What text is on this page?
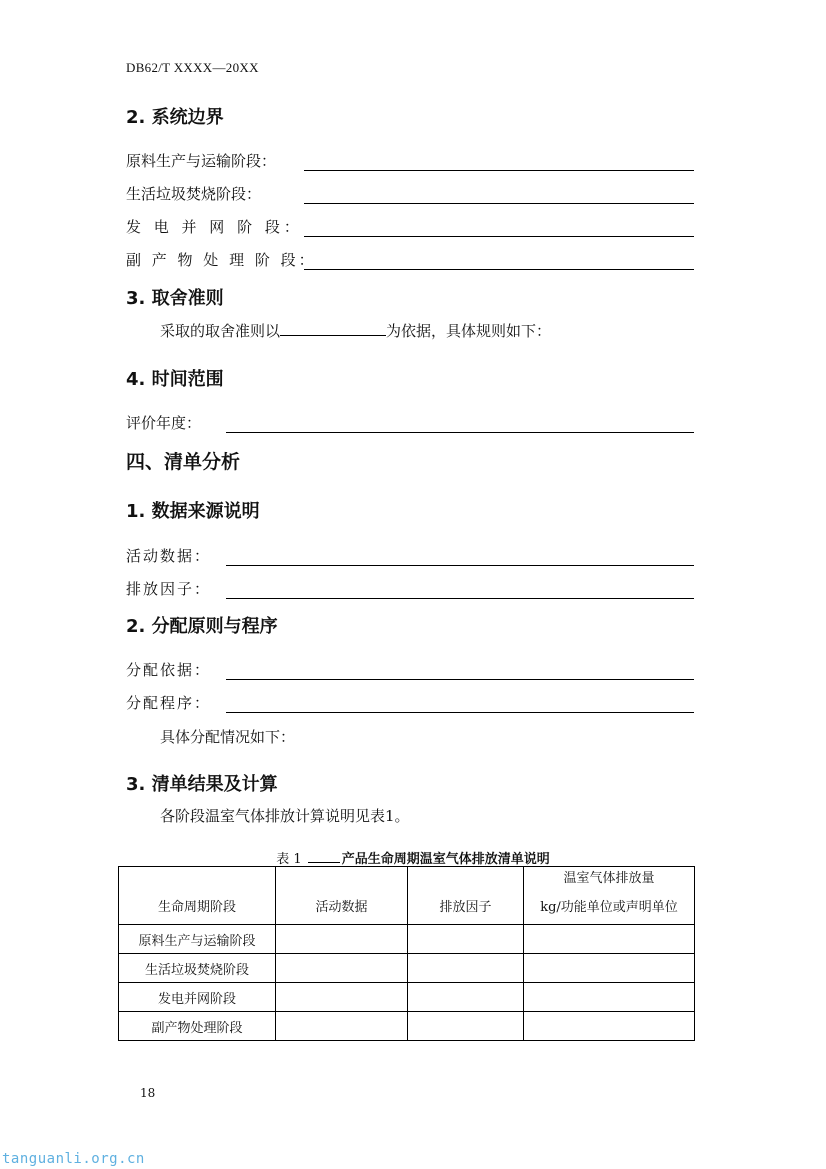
DB62/T XXXX—20XX
2. 系统边界
原料生产与运输阶段：
生活垃圾焚烧阶段：
发 电 并 网 阶 段：
副 产 物 处 理 阶 段：
3. 取舍准则
采取的取舍准则以	为依据，具体规则如下：
4. 时间范围
评价年度：
四、清单分析
1. 数据来源说明
活动数据：
排放因子：
2. 分配原则与程序
分配依据：
分配程序：
具体分配情况如下：
3. 清单结果及计算
各阶段温室气体排放计算说明见表1。
表 1	产品生命周期温室气体排放清单说明
生命周期阶段	活动数据	排放因子	温室气体排放量
kg/功能单位或声明单位
原料生产与运输阶段			
生活垃圾焚烧阶段			
发电并网阶段			
副产物处理阶段			
18
tanguanli.org.cn
